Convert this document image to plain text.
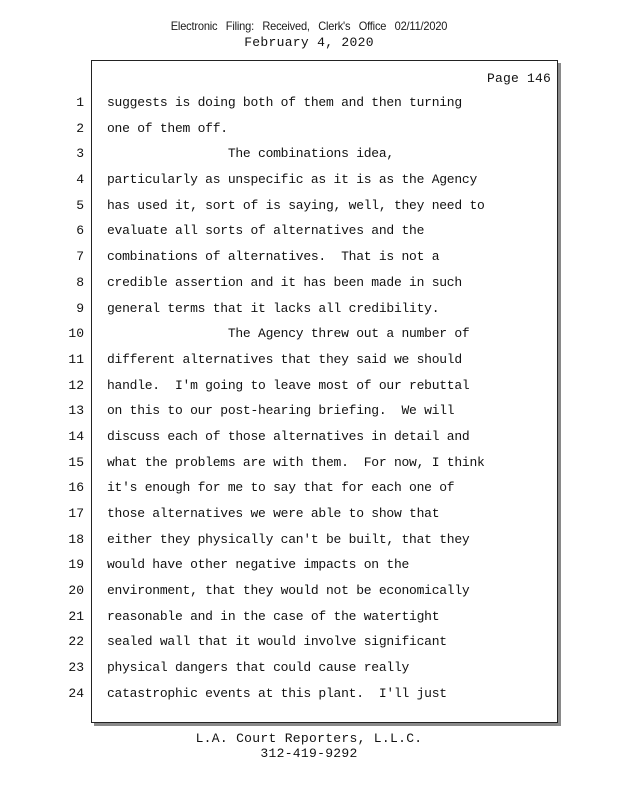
Electronic Filing: Received, Clerk's Office 02/11/2020
February 4, 2020
Page 146
1
2
3
4
5
6
7
8
9
10
11
12
13
14
15
16
17
18
19
20
21
22
23
24
suggests is doing both of them and then turning
one of them off.
The combinations idea,
particularly as unspecific as it is as the Agency
has used it, sort of is saying, well, they need to
evaluate all sorts of alternatives and the
combinations of alternatives.  That is not a
credible assertion and it has been made in such
general terms that it lacks all credibility.
The Agency threw out a number of
different alternatives that they said we should
handle.  I'm going to leave most of our rebuttal
on this to our post-hearing briefing.  We will
discuss each of those alternatives in detail and
what the problems are with them.  For now, I think
it's enough for me to say that for each one of
those alternatives we were able to show that
either they physically can't be built, that they
would have other negative impacts on the
environment, that they would not be economically
reasonable and in the case of the watertight
sealed wall that it would involve significant
physical dangers that could cause really
catastrophic events at this plant.  I'll just
L.A. Court Reporters, L.L.C.
312-419-9292
